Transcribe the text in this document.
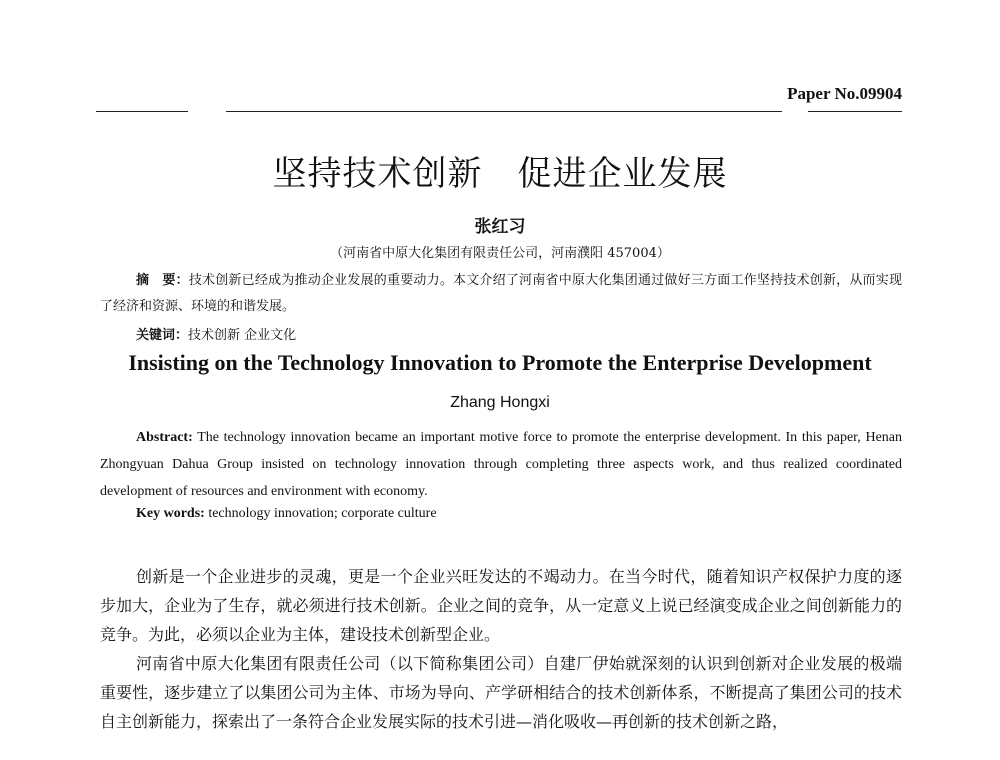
Paper No.09904
坚持技术创新　促进企业发展
张红习
（河南省中原大化集团有限责任公司，河南濮阳 457004）
摘　要：技术创新已经成为推动企业发展的重要动力。本文介绍了河南省中原大化集团通过做好三方面工作坚持技术创新，从而实现了经济和资源、环境的和谐发展。
关键词：技术创新 企业文化
Insisting on the Technology Innovation to Promote the Enterprise Development
Zhang Hongxi
Abstract: The technology innovation became an important motive force to promote the enterprise development. In this paper, Henan Zhongyuan Dahua Group insisted on technology innovation through completing three aspects work, and thus realized coordinated development of resources and environment with economy.
Key words: technology innovation; corporate culture

创新是一个企业进步的灵魂，更是一个企业兴旺发达的不竭动力。在当今时代，随着知识产权保护力度的逐步加大，企业为了生存，就必须进行技术创新。企业之间的竞争，从一定意义上说已经演变成企业之间创新能力的竞争。为此，必须以企业为主体，建设技术创新型企业。

河南省中原大化集团有限责任公司（以下简称集团公司）自建厂伊始就深刻的认识到创新对企业发展的极端重要性，逐步建立了以集团公司为主体、市场为导向、产学研相结合的技术创新体系，不断提高了集团公司的技术自主创新能力，探索出了一条符合企业发展实际的技术引进—消化吸收—再创新的技术创新之路，
